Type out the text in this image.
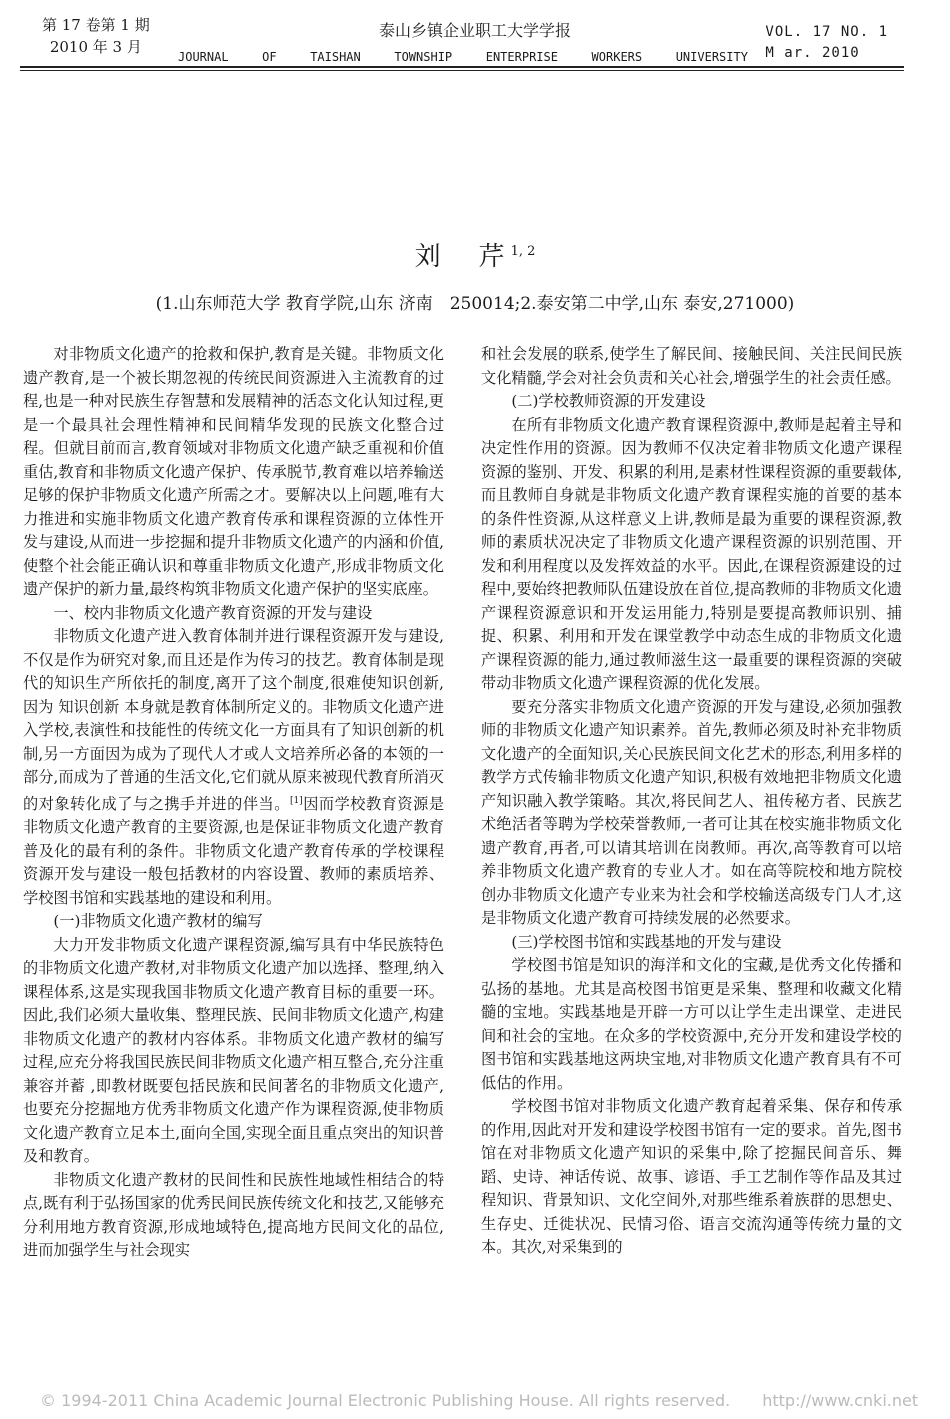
第 17 卷第 1 期
2010 年 3 月
泰山乡镇企业职工大学学报	VOL. 17 NO. 1
M ar. 2010
JOURNAL	OF	TAISHAN	TOWNSHIP	ENTERPRISE	WORKERS	UNIVERSITY
刘　芹$^{1, 2}$
(1.山东师范大学 教育学院,山东 济南　250014;2.泰安第二中学,山东 泰安,271000)

对非物质文化遗产的抢救和保护,教育是关键。非物质文化遗产教育,是一个被长期忽视的传统民间资源进入主流教育的过程,也是一种对民族生存智慧和发展精神的活态文化认知过程,更是一个最具社会理性精神和民间精华发现的民族文化整合过程。但就目前而言,教育领域对非物质文化遗产缺乏重视和价值重估,教育和非物质文化遗产保护、传承脱节,教育难以培养输送足够的保护非物质文化遗产所需之才。要解决以上问题,唯有大力推进和实施非物质文化遗产教育传承和课程资源的立体性开发与建设,从而进一步挖掘和提升非物质文化遗产的内涵和价值,使整个社会能正确认识和尊重非物质文化遗产,形成非物质文化遗产保护的新力量,最终构筑非物质文化遗产保护的坚实底座。

一、校内非物质文化遗产教育资源的开发与建设

非物质文化遗产进入教育体制并进行课程资源开发与建设,不仅是作为研究对象,而且还是作为传习的技艺。教育体制是现代的知识生产所依托的制度,离开了这个制度,很难使知识创新,因为 知识创新 本身就是教育体制所定义的。非物质文化遗产进入学校,表演性和技能性的传统文化一方面具有了知识创新的机制,另一方面因为成为了现代人才或人文培养所必备的本领的一部分,而成为了普通的生活文化,它们就从原来被现代教育所消灭的对象转化成了与之携手并进的伴当。[1]因而学校教育资源是非物质文化遗产教育的主要资源,也是保证非物质文化遗产教育普及化的最有利的条件。非物质文化遗产教育传承的学校课程资源开发与建设一般包括教材的内容设置、教师的素质培养、学校图书馆和实践基地的建设和利用。

(一)非物质文化遗产教材的编写

大力开发非物质文化遗产课程资源,编写具有中华民族特色的非物质文化遗产教材,对非物质文化遗产加以选择、整理,纳入课程体系,这是实现我国非物质文化遗产教育目标的重要一环。因此,我们必须大量收集、整理民族、民间非物质文化遗产,构建非物质文化遗产的教材内容体系。非物质文化遗产教材的编写过程,应充分将我国民族民间非物质文化遗产相互整合,充分注重 兼容并蓄 ,即教材既要包括民族和民间著名的非物质文化遗产,也要充分挖掘地方优秀非物质文化遗产作为课程资源,使非物质文化遗产教育立足本土,面向全国,实现全面且重点突出的知识普及和教育。

非物质文化遗产教材的民间性和民族性地域性相结合的特点,既有利于弘扬国家的优秀民间民族传统文化和技艺,又能够充分利用地方教育资源,形成地域特色,提高地方民间文化的品位,进而加强学生与社会现实

和社会发展的联系,使学生了解民间、接触民间、关注民间民族文化精髓,学会对社会负责和关心社会,增强学生的社会责任感。

(二)学校教师资源的开发建设

在所有非物质文化遗产教育课程资源中,教师是起着主导和决定性作用的资源。因为教师不仅决定着非物质文化遗产课程资源的鉴别、开发、积累的利用,是素材性课程资源的重要载体,而且教师自身就是非物质文化遗产教育课程实施的首要的基本的条件性资源,从这样意义上讲,教师是最为重要的课程资源,教师的素质状况决定了非物质文化遗产课程资源的识别范围、开发和利用程度以及发挥效益的水平。因此,在课程资源建设的过程中,要始终把教师队伍建设放在首位,提高教师的非物质文化遗产课程资源意识和开发运用能力,特别是要提高教师识别、捕捉、积累、利用和开发在课堂教学中动态生成的非物质文化遗产课程资源的能力,通过教师滋生这一最重要的课程资源的突破带动非物质文化遗产课程资源的优化发展。

要充分落实非物质文化遗产资源的开发与建设,必须加强教师的非物质文化遗产知识素养。首先,教师必须及时补充非物质文化遗产的全面知识,关心民族民间文化艺术的形态,利用多样的教学方式传输非物质文化遗产知识,积极有效地把非物质文化遗产知识融入教学策略。其次,将民间艺人、祖传秘方者、民族艺术绝活者等聘为学校荣誉教师,一者可让其在校实施非物质文化遗产教育,再者,可以请其培训在岗教师。再次,高等教育可以培养非物质文化遗产教育的专业人才。如在高等院校和地方院校创办非物质文化遗产专业来为社会和学校输送高级专门人才,这是非物质文化遗产教育可持续发展的必然要求。

(三)学校图书馆和实践基地的开发与建设

学校图书馆是知识的海洋和文化的宝藏,是优秀文化传播和弘扬的基地。尤其是高校图书馆更是采集、整理和收藏文化精髓的宝地。实践基地是开辟一方可以让学生走出课堂、走进民间和社会的宝地。在众多的学校资源中,充分开发和建设学校的图书馆和实践基地这两块宝地,对非物质文化遗产教育具有不可低估的作用。

学校图书馆对非物质文化遗产教育起着采集、保存和传承的作用,因此对开发和建设学校图书馆有一定的要求。首先,图书馆在对非物质文化遗产知识的采集中,除了挖掘民间音乐、舞蹈、史诗、神话传说、故事、谚语、手工艺制作等作品及其过程知识、背景知识、文化空间外,对那些维系着族群的思想史、生存史、迁徙状况、民情习俗、语言交流沟通等传统力量的文本。其次,对采集到的

© 1994-2011 China Academic Journal Electronic Publishing House. All rights reserved.　　http://www.cnki.net
